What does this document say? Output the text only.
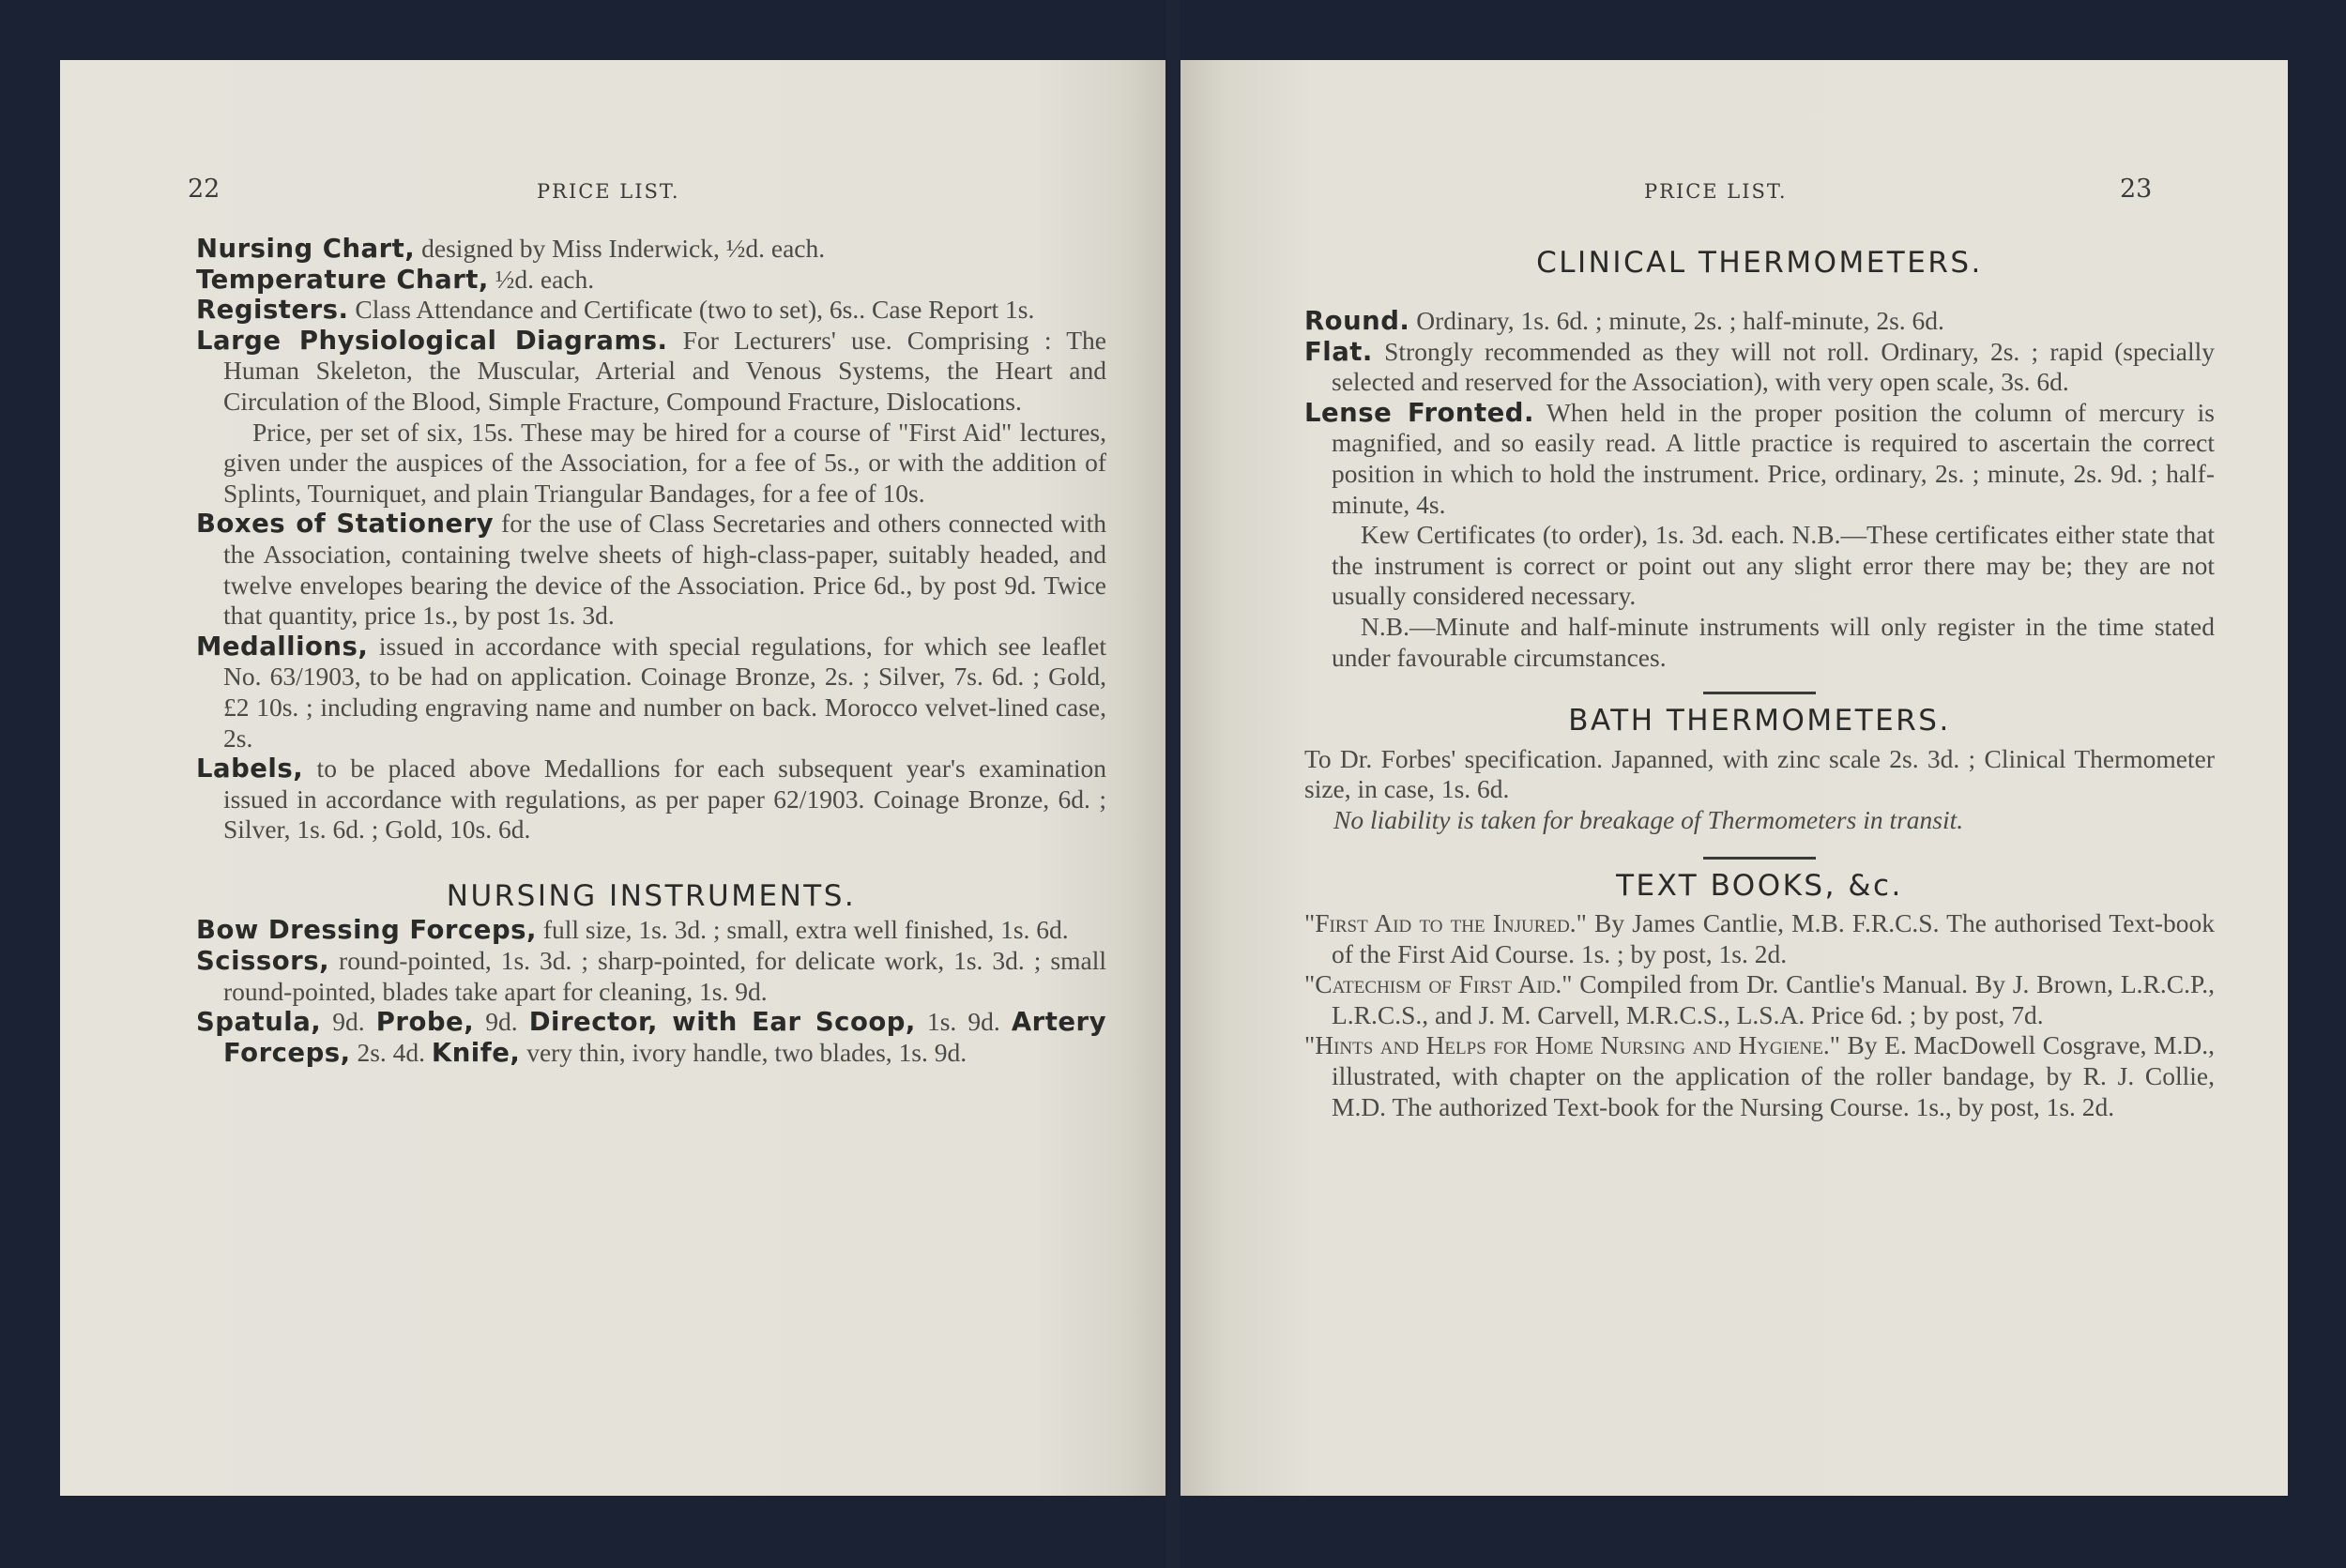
22	PRICE LIST.

Nursing Chart, designed by Miss Inderwick, ½d. each.

Temperature Chart, ½d. each.

Registers. Class Attendance and Certificate (two to set), 6s.. Case Report 1s.

Large Physiological Diagrams. For Lecturers' use. Comprising : The Human Skeleton, the Muscular, Arterial and Venous Systems, the Heart and Circulation of the Blood, Simple Fracture, Compound Fracture, Dislocations.

Price, per set of six, 15s. These may be hired for a course of "First Aid" lectures, given under the auspices of the Association, for a fee of 5s., or with the addition of Splints, Tourniquet, and plain Triangular Bandages, for a fee of 10s.

Boxes of Stationery for the use of Class Secretaries and others connected with the Association, containing twelve sheets of high-class-paper, suitably headed, and twelve envelopes bearing the device of the Association. Price 6d., by post 9d. Twice that quantity, price 1s., by post 1s. 3d.

Medallions, issued in accordance with special regulations, for which see leaflet No. 63/1903, to be had on application. Coinage Bronze, 2s. ; Silver, 7s. 6d. ; Gold, £2 10s. ; including engraving name and number on back. Morocco velvet-lined case, 2s.

Labels, to be placed above Medallions for each subsequent year's examination issued in accordance with regulations, as per paper 62/1903. Coinage Bronze, 6d. ; Silver, 1s. 6d. ; Gold, 10s. 6d.

NURSING INSTRUMENTS.

Bow Dressing Forceps, full size, 1s. 3d. ; small, extra well finished, 1s. 6d.

Scissors, round-pointed, 1s. 3d. ; sharp-pointed, for delicate work, 1s. 3d. ; small round-pointed, blades take apart for cleaning, 1s. 9d.

Spatula, 9d. Probe, 9d. Director, with Ear Scoop, 1s. 9d. Artery Forceps, 2s. 4d. Knife, very thin, ivory handle, two blades, 1s. 9d.

PRICE LIST.	23
CLINICAL THERMOMETERS.

Round. Ordinary, 1s. 6d. ; minute, 2s. ; half-minute, 2s. 6d.

Flat. Strongly recommended as they will not roll. Ordinary, 2s. ; rapid (specially selected and reserved for the Association), with very open scale, 3s. 6d.

Lense Fronted. When held in the proper position the column of mercury is magnified, and so easily read. A little practice is required to ascertain the correct position in which to hold the instrument. Price, ordinary, 2s. ; minute, 2s. 9d. ; half-minute, 4s.

Kew Certificates (to order), 1s. 3d. each. N.B.—These certificates either state that the instrument is correct or point out any slight error there may be; they are not usually considered necessary.

N.B.—Minute and half-minute instruments will only register in the time stated under favourable circumstances.

BATH THERMOMETERS.

To Dr. Forbes' specification. Japanned, with zinc scale 2s. 3d. ; Clinical Thermometer size, in case, 1s. 6d.

No liability is taken for breakage of Thermometers in transit.

TEXT BOOKS, &c.

"First Aid to the Injured." By James Cantlie, M.B. F.R.C.S. The authorised Text-book of the First Aid Course. 1s. ; by post, 1s. 2d.

"Catechism of First Aid." Compiled from Dr. Cantlie's Manual. By J. Brown, L.R.C.P., L.R.C.S., and J. M. Carvell, M.R.C.S., L.S.A. Price 6d. ; by post, 7d.

"Hints and Helps for Home Nursing and Hygiene." By E. MacDowell Cosgrave, M.D., illustrated, with chapter on the application of the roller bandage, by R. J. Collie, M.D. The authorized Text-book for the Nursing Course. 1s., by post, 1s. 2d.
